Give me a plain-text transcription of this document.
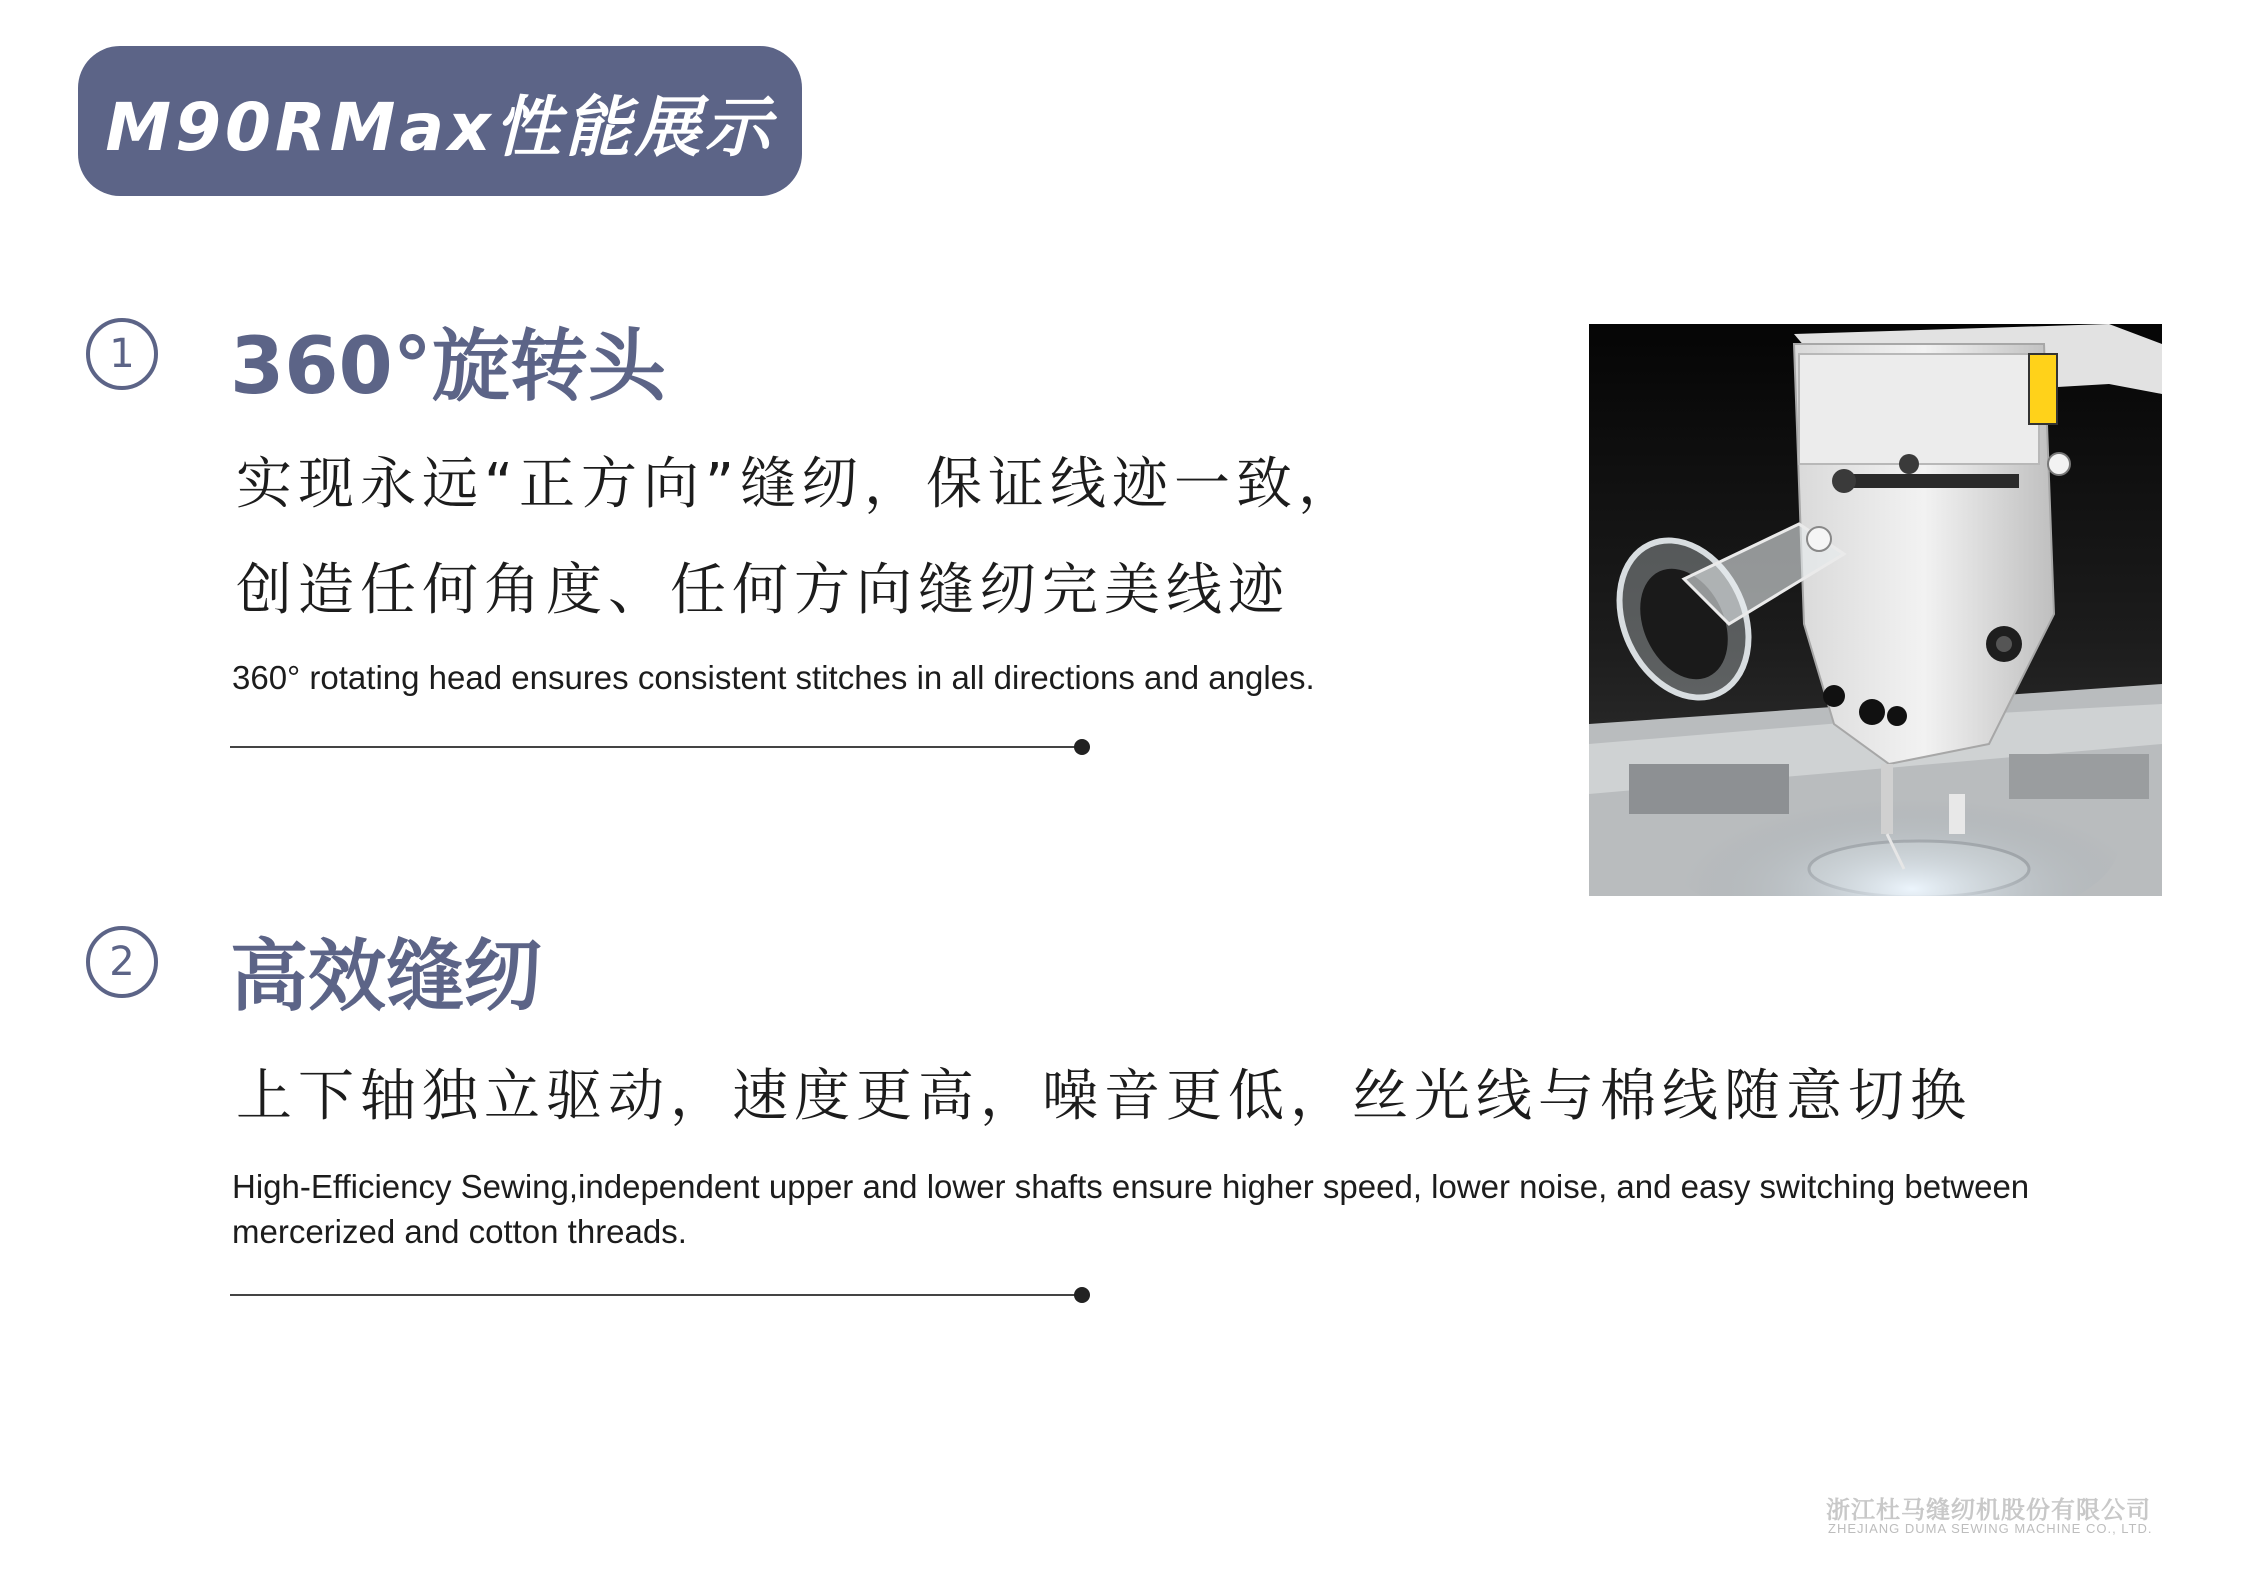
M90RMax性能展示
1 360°旋转头
实现永远“正方向”缝纫，保证线迹一致，
创造任何角度、任何方向缝纫完美线迹
360° rotating head ensures consistent stitches in all directions and angles.
2 高效缝纫
上下轴独立驱动，速度更高，噪音更低，丝光线与棉线随意切换
High-Efficiency Sewing,independent upper and lower shafts ensure higher speed, lower noise, and easy switching between mercerized and cotton threads.
浙江杜马缝纫机股份有限公司
ZHEJIANG DUMA SEWING MACHINE CO., LTD.
